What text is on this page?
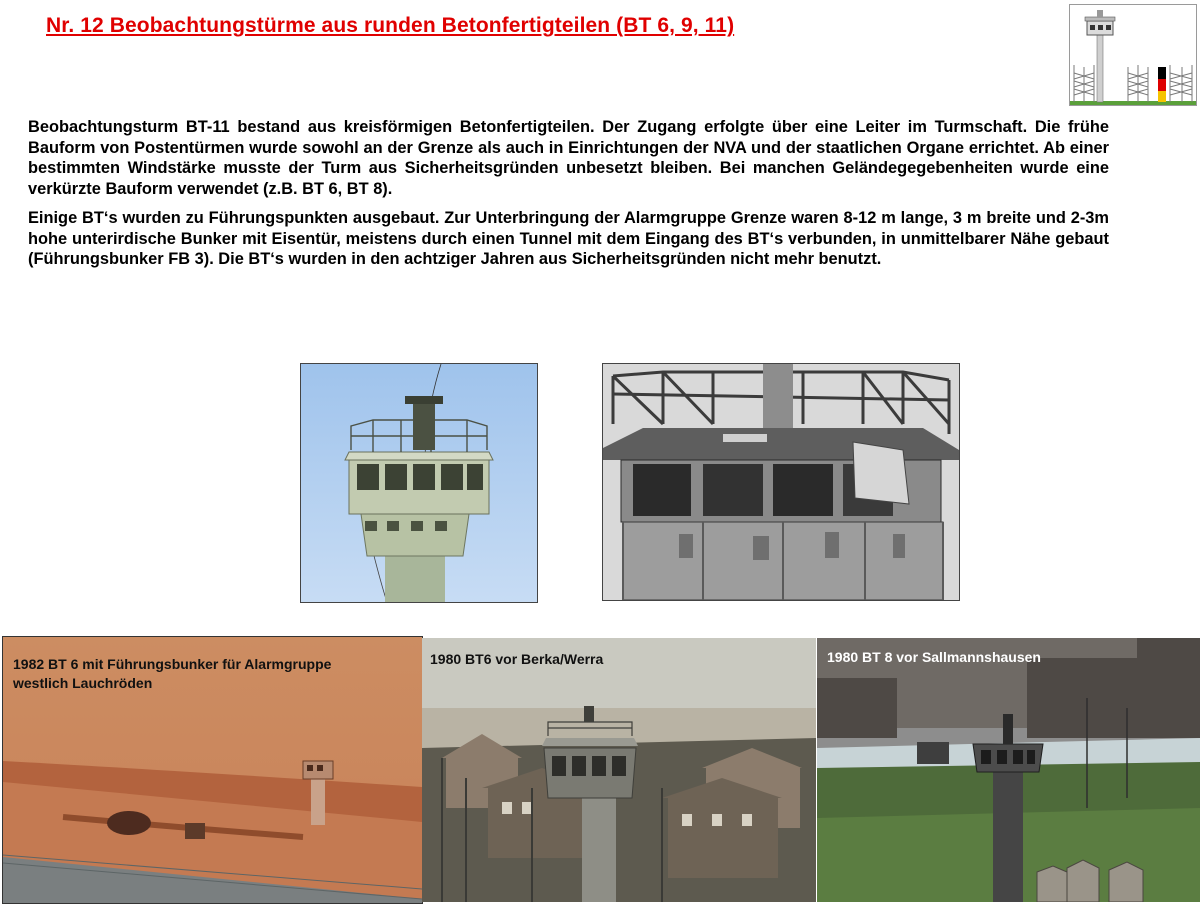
Nr. 12 Beobachtungstürme aus runden Betonfertigteilen (BT 6, 9, 11)

Beobachtungsturm BT-11 bestand aus kreisförmigen Betonfertigteilen. Der Zugang erfolgte über eine Leiter im Turmschaft. Die frühe Bauform von Postentürmen wurde sowohl an der Grenze als auch in Einrichtungen der NVA und der staatlichen Organe errichtet. Ab einer bestimmten Windstärke musste der Turm aus Sicherheitsgründen unbesetzt bleiben. Bei manchen Geländegegebenheiten wurde eine verkürzte Bauform verwendet (z.B. BT 6, BT 8).

Einige BT‘s wurden zu Führungspunkten ausgebaut. Zur Unterbringung der Alarmgruppe Grenze waren 8-12 m lange, 3 m breite und 2-3m hohe unterirdische Bunker mit Eisentür, meistens durch einen Tunnel mit dem Eingang des BT‘s verbunden, in unmittelbarer Nähe gebaut (Führungsbunker FB 3). Die BT‘s wurden in den achtziger Jahren aus Sicherheitsgründen nicht mehr benutzt.

1982 BT 6 mit Führungsbunker für Alarmgruppe
westlich Lauchröden
1980 BT6 vor Berka/Werra	1980 BT 8 vor Sallmannshausen
